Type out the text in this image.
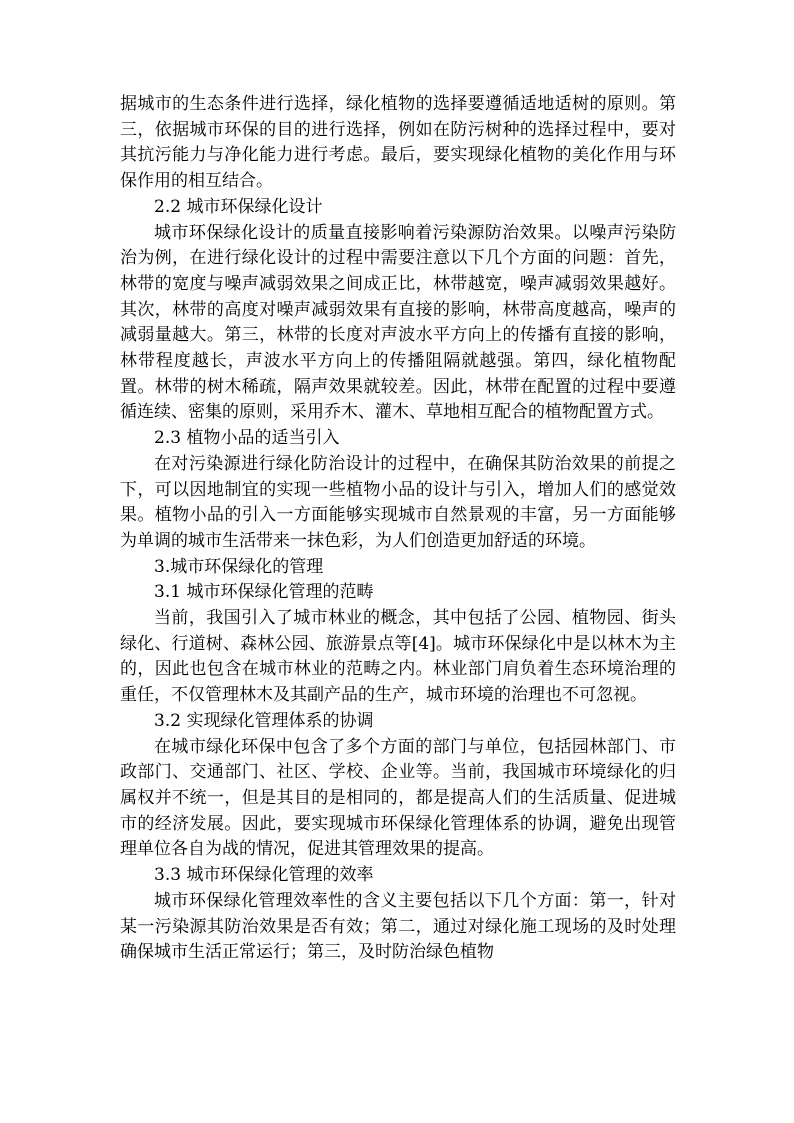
据城市的生态条件进行选择，绿化植物的选择要遵循适地适树的原则。第三，依据城市环保的目的进行选择，例如在防污树种的选择过程中，要对其抗污能力与净化能力进行考虑。最后，要实现绿化植物的美化作用与环保作用的相互结合。

2.2 城市环保绿化设计

城市环保绿化设计的质量直接影响着污染源防治效果。以噪声污染防治为例，在进行绿化设计的过程中需要注意以下几个方面的问题：首先，林带的宽度与噪声减弱效果之间成正比，林带越宽，噪声减弱效果越好。其次，林带的高度对噪声减弱效果有直接的影响，林带高度越高，噪声的减弱量越大。第三，林带的长度对声波水平方向上的传播有直接的影响，林带程度越长，声波水平方向上的传播阻隔就越强。第四，绿化植物配置。林带的树木稀疏，隔声效果就较差。因此，林带在配置的过程中要遵循连续、密集的原则，采用乔木、灌木、草地相互配合的植物配置方式。

2.3 植物小品的适当引入

在对污染源进行绿化防治设计的过程中，在确保其防治效果的前提之下，可以因地制宜的实现一些植物小品的设计与引入，增加人们的感觉效果。植物小品的引入一方面能够实现城市自然景观的丰富，另一方面能够为单调的城市生活带来一抹色彩，为人们创造更加舒适的环境。

3.城市环保绿化的管理

3.1 城市环保绿化管理的范畴

当前，我国引入了城市林业的概念，其中包括了公园、植物园、街头绿化、行道树、森林公园、旅游景点等[4]。城市环保绿化中是以林木为主的，因此也包含在城市林业的范畴之内。林业部门肩负着生态环境治理的重任，不仅管理林木及其副产品的生产，城市环境的治理也不可忽视。

3.2 实现绿化管理体系的协调

在城市绿化环保中包含了多个方面的部门与单位，包括园林部门、市政部门、交通部门、社区、学校、企业等。当前，我国城市环境绿化的归属权并不统一，但是其目的是相同的，都是提高人们的生活质量、促进城市的经济发展。因此，要实现城市环保绿化管理体系的协调，避免出现管理单位各自为战的情况，促进其管理效果的提高。

3.3 城市环保绿化管理的效率

城市环保绿化管理效率性的含义主要包括以下几个方面：第一，针对某一污染源其防治效果是否有效；第二，通过对绿化施工现场的及时处理确保城市生活正常运行；第三，及时防治绿色植物
